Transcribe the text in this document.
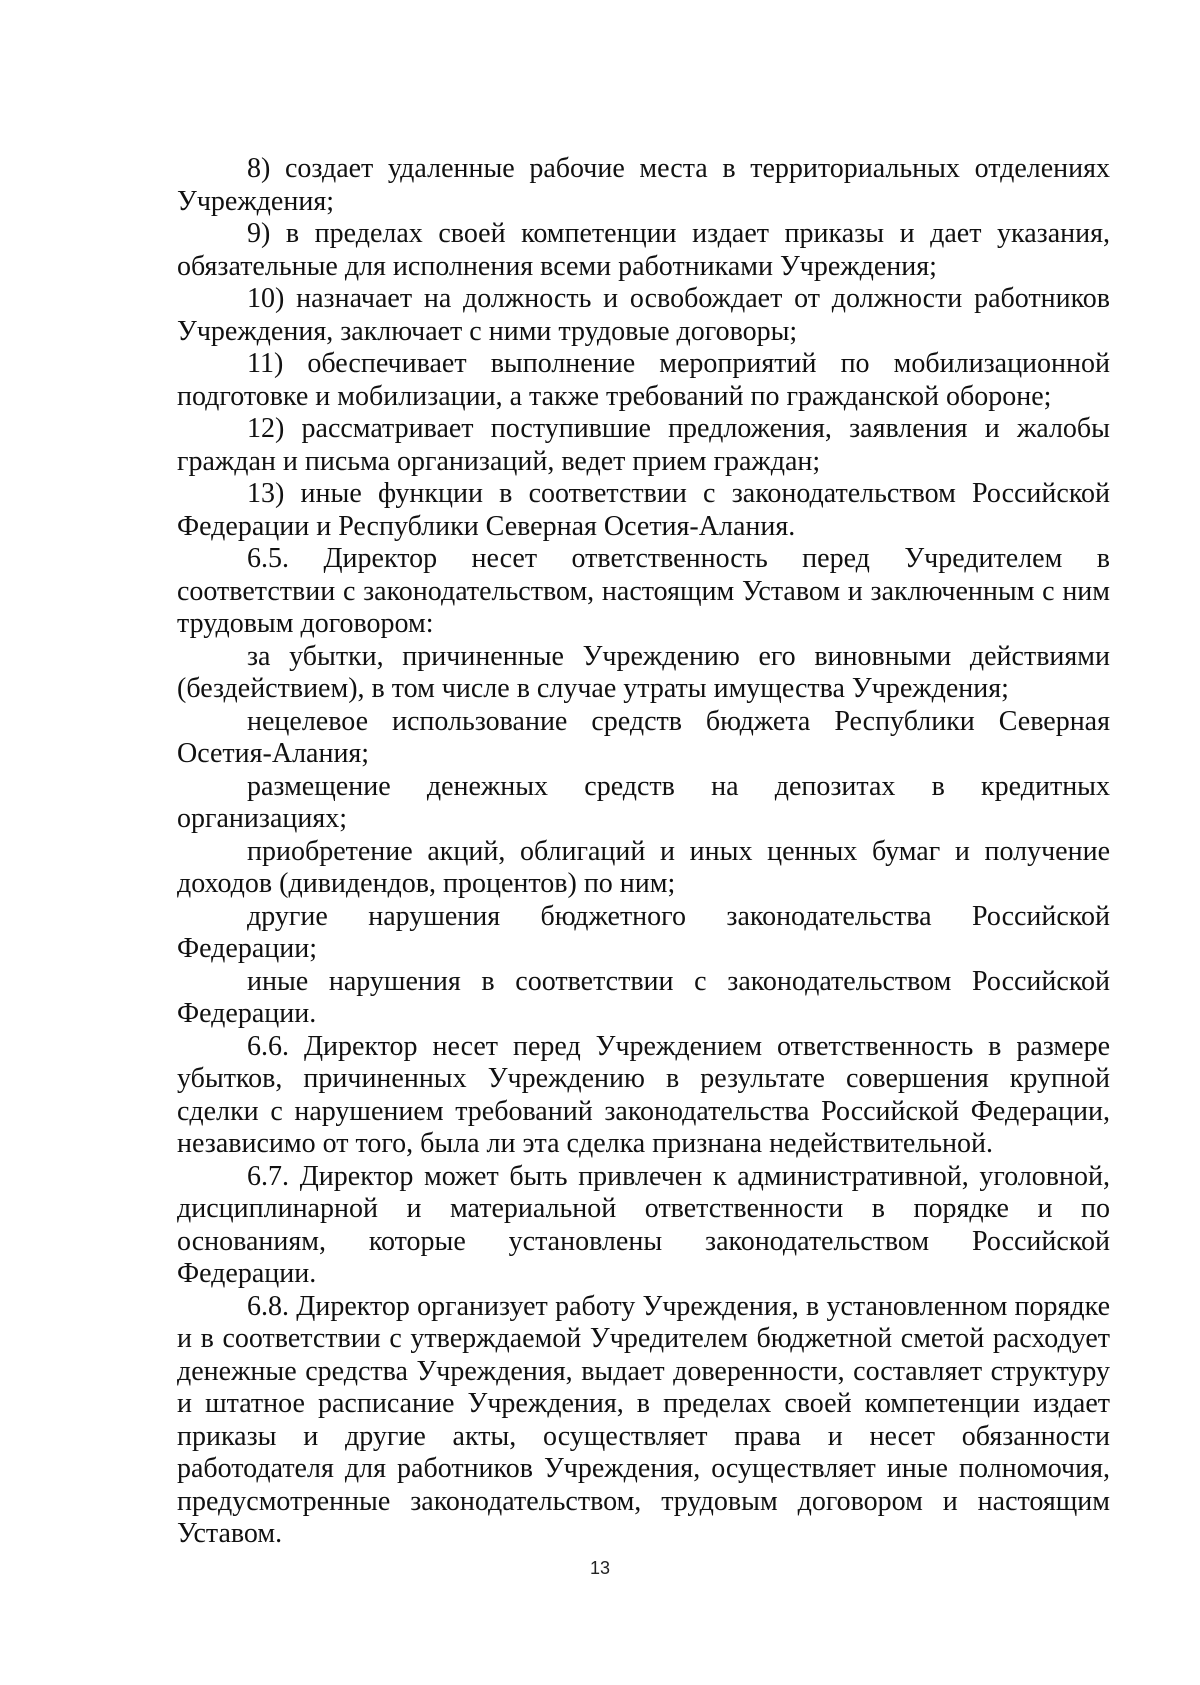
8) создает удаленные рабочие места в территориальных отделениях Учреждения;

9) в пределах своей компетенции издает приказы и дает указания, обязательные для исполнения всеми работниками Учреждения;

10) назначает на должность и освобождает от должности работников Учреждения, заключает с ними трудовые договоры;

11) обеспечивает выполнение мероприятий по мобилизационной подготовке и мобилизации, а также требований по гражданской обороне;

12) рассматривает поступившие предложения, заявления и жалобы граждан и письма организаций, ведет прием граждан;

13) иные функции в соответствии с законодательством Российской Федерации и Республики Северная Осетия-Алания.

6.5. Директор несет ответственность перед Учредителем в соответствии с законодательством, настоящим Уставом и заключенным с ним трудовым договором:

за убытки, причиненные Учреждению его виновными действиями (бездействием), в том числе в случае утраты имущества Учреждения;

нецелевое использование средств бюджета Республики Северная Осетия-Алания;

размещение денежных средств на депозитах в кредитных организациях;

приобретение акций, облигаций и иных ценных бумаг и получение доходов (дивидендов, процентов) по ним;

другие нарушения бюджетного законодательства Российской Федерации;

иные нарушения в соответствии с законодательством Российской Федерации.

6.6. Директор несет перед Учреждением ответственность в размере убытков, причиненных Учреждению в результате совершения крупной сделки с нарушением требований законодательства Российской Федерации, независимо от того, была ли эта сделка признана недействительной.

6.7. Директор может быть привлечен к административной, уголовной, дисциплинарной и материальной ответственности в порядке и по основаниям, которые установлены законодательством Российской Федерации.

6.8. Директор организует работу Учреждения, в установленном порядке и в соответствии с утверждаемой Учредителем бюджетной сметой расходует денежные средства Учреждения, выдает доверенности, составляет структуру и штатное расписание Учреждения, в пределах своей компетенции издает приказы и другие акты, осуществляет права и несет обязанности работодателя для работников Учреждения, осуществляет иные полномочия, предусмотренные законодательством, трудовым договором и настоящим Уставом.

13
